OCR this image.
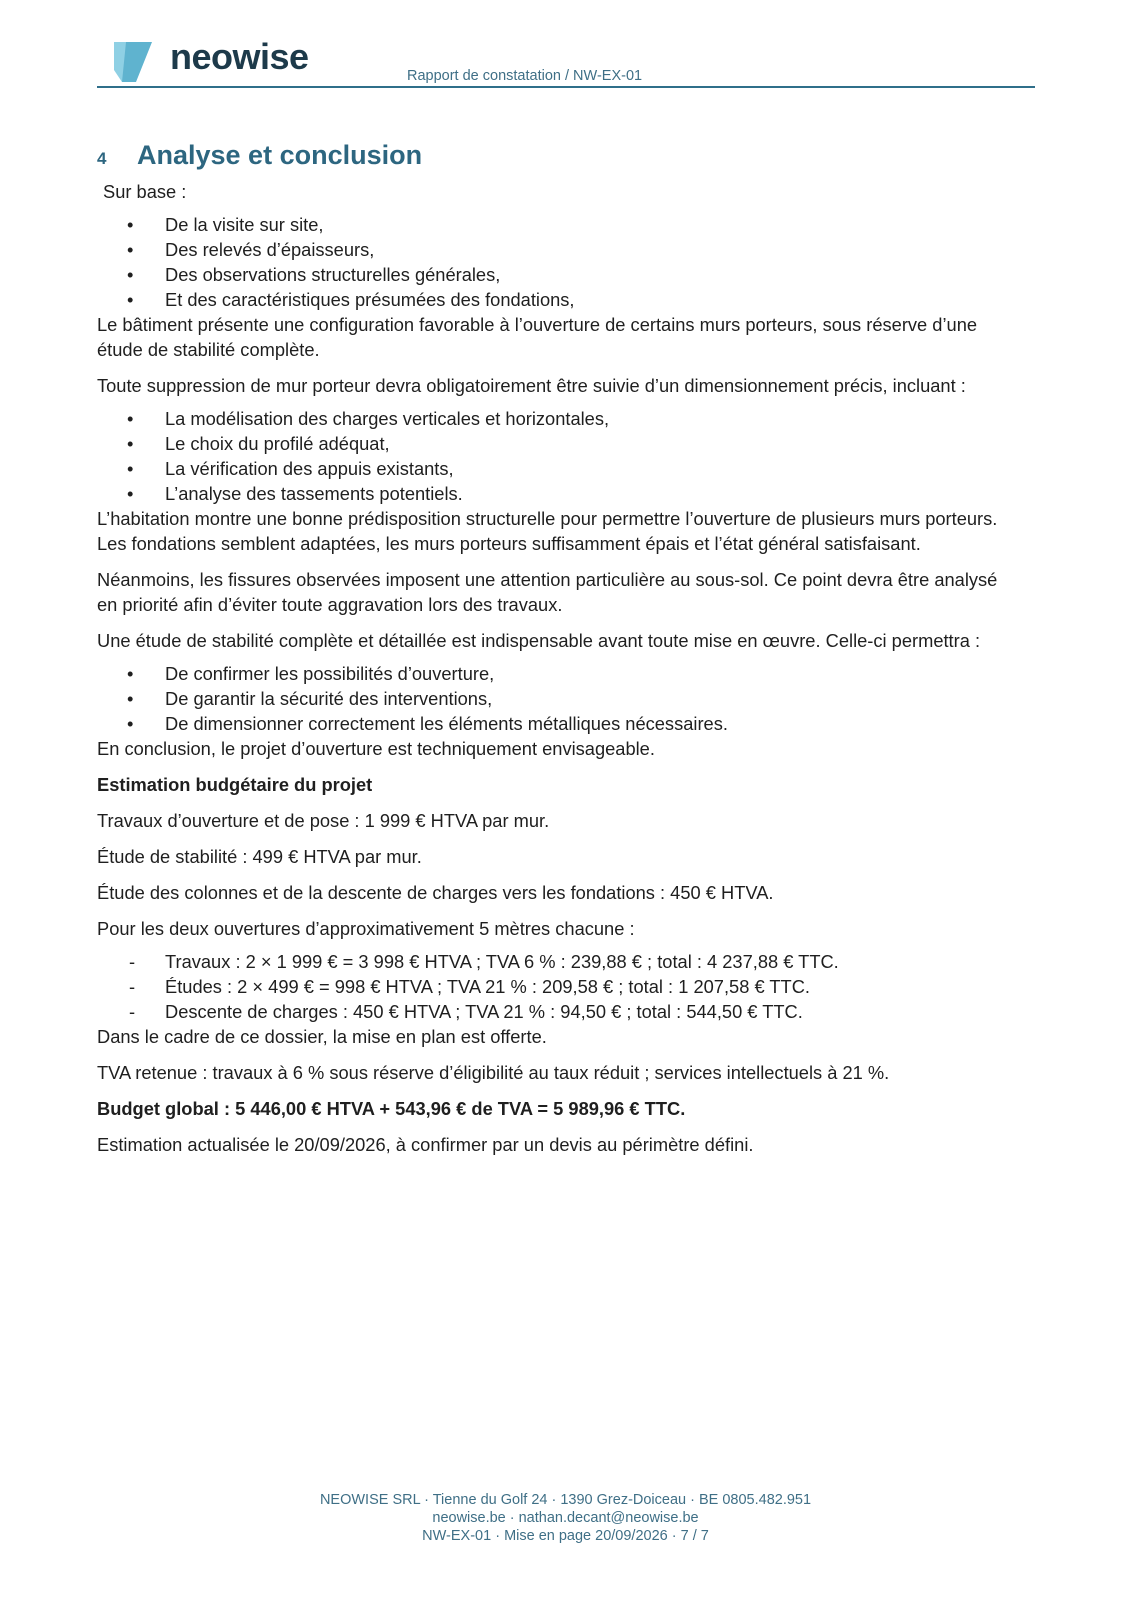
neowise	Rapport de constatation / NW-EX-01
4	Analyse et conclusion

Sur base :

•	De la visite sur site,
•	Des relevés d’épaisseurs,
•	Des observations structurelles générales,
•	Et des caractéristiques présumées des fondations,

Le bâtiment présente une configuration favorable à l’ouverture de certains murs porteurs, sous réserve d’une étude de stabilité complète.

Toute suppression de mur porteur devra obligatoirement être suivie d’un dimensionnement précis, incluant :

•	La modélisation des charges verticales et horizontales,
•	Le choix du profilé adéquat,
•	La vérification des appuis existants,
•	L’analyse des tassements potentiels.

L’habitation montre une bonne prédisposition structurelle pour permettre l’ouverture de plusieurs murs porteurs. Les fondations semblent adaptées, les murs porteurs suffisamment épais et l’état général satisfaisant.

Néanmoins, les fissures observées imposent une attention particulière au sous-sol. Ce point devra être analysé en priorité afin d’éviter toute aggravation lors des travaux.

Une étude de stabilité complète et détaillée est indispensable avant toute mise en œuvre. Celle-ci permettra :

•	De confirmer les possibilités d’ouverture,
•	De garantir la sécurité des interventions,
•	De dimensionner correctement les éléments métalliques nécessaires.

En conclusion, le projet d’ouverture est techniquement envisageable.

Estimation budgétaire du projet

Travaux d’ouverture et de pose : 1 999 € HTVA par mur.

Étude de stabilité : 499 € HTVA par mur.

Étude des colonnes et de la descente de charges vers les fondations : 450 € HTVA.

Pour les deux ouvertures d’approximativement 5 mètres chacune :

-	Travaux : 2 × 1 999 € = 3 998 € HTVA ; TVA 6 % : 239,88 € ; total : 4 237,88 € TTC.
-	Études : 2 × 499 € = 998 € HTVA ; TVA 21 % : 209,58 € ; total : 1 207,58 € TTC.
-	Descente de charges : 450 € HTVA ; TVA 21 % : 94,50 € ; total : 544,50 € TTC.

Dans le cadre de ce dossier, la mise en plan est offerte.

TVA retenue : travaux à 6 % sous réserve d’éligibilité au taux réduit ; services intellectuels à 21 %.

Budget global : 5 446,00 € HTVA + 543,96 € de TVA = 5 989,96 € TTC.

Estimation actualisée le 20/09/2026, à confirmer par un devis au périmètre défini.

NEOWISE SRL · Tienne du Golf 24 · 1390 Grez-Doiceau · BE 0805.482.951
neowise.be · nathan.decant@neowise.be
NW-EX-01 · Mise en page 20/09/2026 · 7 / 7
